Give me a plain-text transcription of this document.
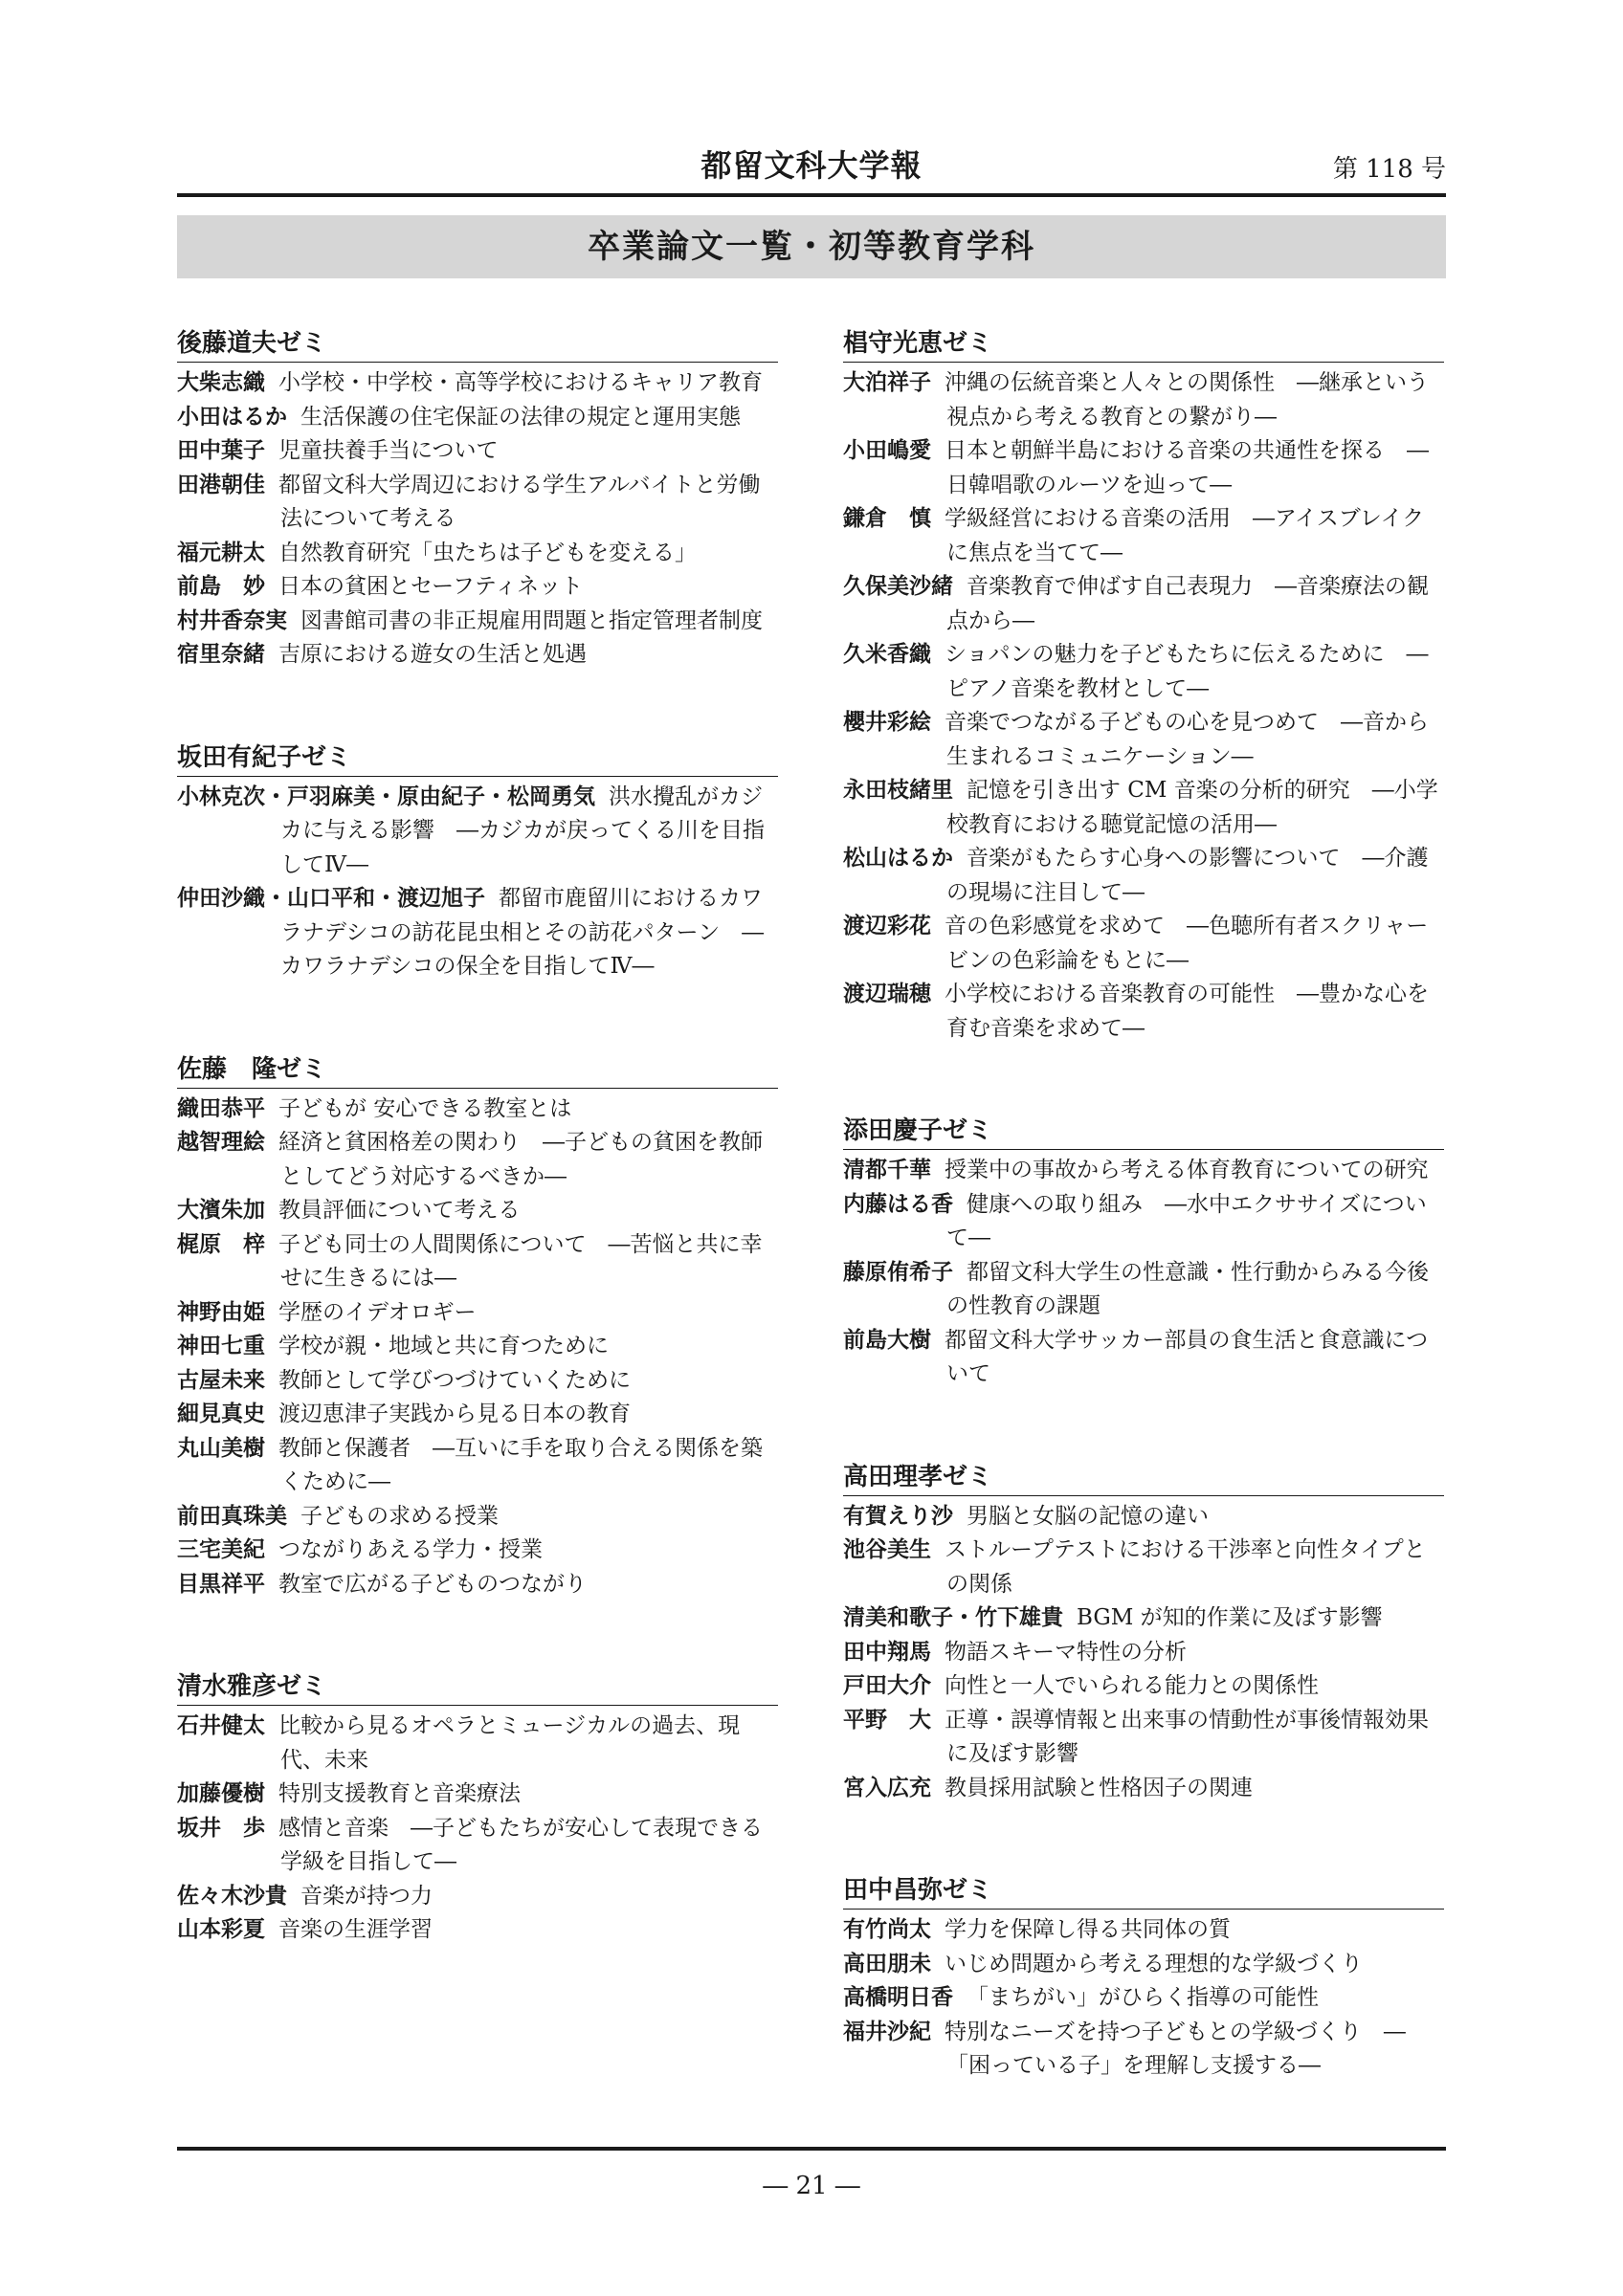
都留文科大学報	第 118 号
卒業論文一覧・初等教育学科
後藤道夫ゼミ
大柴志織 小学校・中学校・高等学校におけるキャリア教育
小田はるか 生活保護の住宅保証の法律の規定と運用実態
田中葉子 児童扶養手当について
田港朝佳 都留文科大学周辺における学生アルバイトと労働法について考える
福元耕太 自然教育研究「虫たちは子どもを変える」
前島　妙 日本の貧困とセーフティネット
村井香奈実 図書館司書の非正規雇用問題と指定管理者制度
宿里奈緒 吉原における遊女の生活と処遇
坂田有紀子ゼミ
小林克次・戸羽麻美・原由紀子・松岡勇気 洪水攪乱がカジカに与える影響　―カジカが戻ってくる川を目指してⅣ―
仲田沙織・山口平和・渡辺旭子 都留市鹿留川におけるカワラナデシコの訪花昆虫相とその訪花パターン　―カワラナデシコの保全を目指してⅣ―
佐藤　隆ゼミ
織田恭平 子どもが 安心できる教室とは
越智理絵 経済と貧困格差の関わり　―子どもの貧困を教師としてどう対応するべきか―
大濱朱加 教員評価について考える
梶原　梓 子ども同士の人間関係について　―苦悩と共に幸せに生きるには―
神野由姫 学歴のイデオロギー
神田七重 学校が親・地域と共に育つために
古屋未来 教師として学びつづけていくために
細見真史 渡辺恵津子実践から見る日本の教育
丸山美樹 教師と保護者　―互いに手を取り合える関係を築くために―
前田真珠美 子どもの求める授業
三宅美紀 つながりあえる学力・授業
目黒祥平 教室で広がる子どものつながり
清水雅彦ゼミ
石井健太 比較から見るオペラとミュージカルの過去、現代、未来
加藤優樹 特別支援教育と音楽療法
坂井　歩 感情と音楽　―子どもたちが安心して表現できる学級を目指して―
佐々木沙貴 音楽が持つ力
山本彩夏 音楽の生涯学習
椙守光恵ゼミ
大泊祥子 沖縄の伝統音楽と人々との関係性　―継承という視点から考える教育との繋がり―
小田嶋愛 日本と朝鮮半島における音楽の共通性を探る　―日韓唱歌のルーツを辿って―
鎌倉　慎 学級経営における音楽の活用　―アイスブレイクに焦点を当てて―
久保美沙緒 音楽教育で伸ばす自己表現力　―音楽療法の観点から―
久米香織 ショパンの魅力を子どもたちに伝えるために　―ピアノ音楽を教材として―
櫻井彩絵 音楽でつながる子どもの心を見つめて　―音から生まれるコミュニケーション―
永田枝緒里 記憶を引き出す CM 音楽の分析的研究　―小学校教育における聴覚記憶の活用―
松山はるか 音楽がもたらす心身への影響について　―介護の現場に注目して―
渡辺彩花 音の色彩感覚を求めて　―色聴所有者スクリャービンの色彩論をもとに―
渡辺瑞穂 小学校における音楽教育の可能性　―豊かな心を育む音楽を求めて―
添田慶子ゼミ
清都千華 授業中の事故から考える体育教育についての研究
内藤はる香 健康への取り組み　―水中エクササイズについて―
藤原侑希子 都留文科大学生の性意識・性行動からみる今後の性教育の課題
前島大樹 都留文科大学サッカー部員の食生活と食意識について
高田理孝ゼミ
有賀えり沙 男脳と女脳の記憶の違い
池谷美生 ストループテストにおける干渉率と向性タイプとの関係
清美和歌子・竹下雄貴 BGM が知的作業に及ぼす影響
田中翔馬 物語スキーマ特性の分析
戸田大介 向性と一人でいられる能力との関係性
平野　大 正導・誤導情報と出来事の情動性が事後情報効果に及ぼす影響
宮入広充 教員採用試験と性格因子の関連
田中昌弥ゼミ
有竹尚太 学力を保障し得る共同体の質
高田朋未 いじめ問題から考える理想的な学級づくり
高橋明日香 「まちがい」がひらく指導の可能性
福井沙紀 特別なニーズを持つ子どもとの学級づくり　―「困っている子」を理解し支援する―
― 21 ―
